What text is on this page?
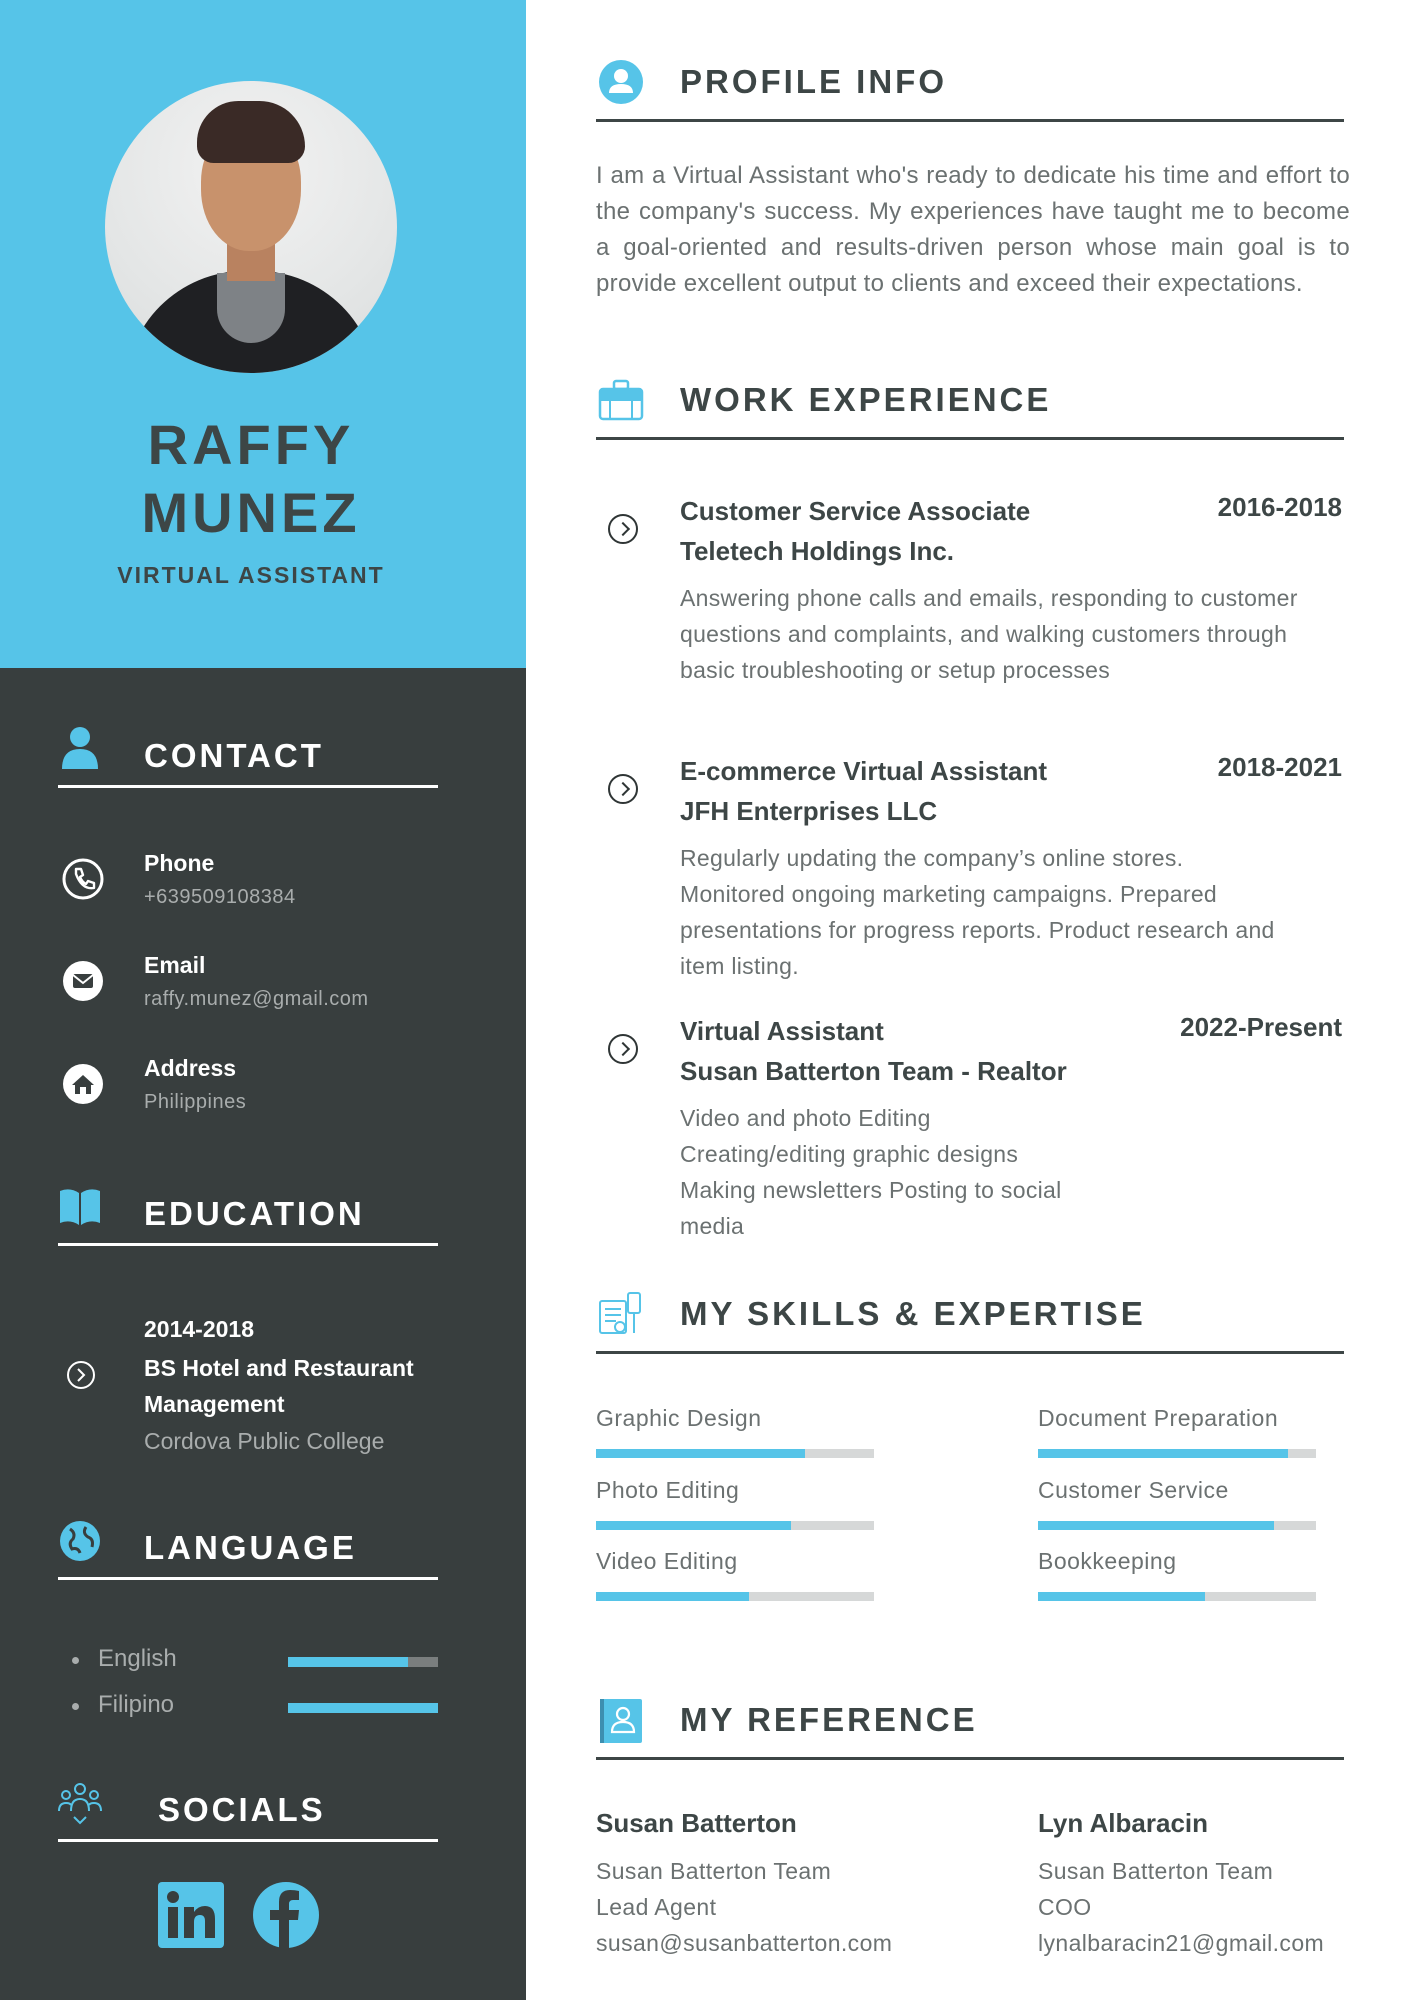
RAFFY
MUNEZ
VIRTUAL ASSISTANT
CONTACT
Phone
+639509108384
Email
raffy.munez@gmail.com
Address
Philippines
EDUCATION
2014-2018
BS Hotel and Restaurant Management
Cordova Public College
LANGUAGE
English
Filipino
SOCIALS
PROFILE INFO
I am a Virtual Assistant who's ready to dedicate his time and effort to the company's success. My experiences have taught me to become a goal-oriented and results-driven person whose main goal is to provide excellent output to clients and exceed their expectations.
WORK EXPERIENCE
Customer Service Associate
Teletech Holdings Inc.
2016-2018
Answering phone calls and emails, responding to customer questions and complaints, and walking customers through basic troubleshooting or setup processes
E-commerce Virtual Assistant
JFH Enterprises LLC
2018-2021
Regularly updating the company’s online stores. Monitored ongoing marketing campaigns. Prepared presentations for progress reports. Product research and item listing.
Virtual Assistant
Susan Batterton Team - Realtor
2022-Present
Video and photo Editing Creating/editing graphic designs Making newsletters Posting to social media
MY SKILLS & EXPERTISE
Graphic Design	Document Preparation
Photo Editing	Customer Service
Video Editing	Bookkeeping
MY REFERENCE
Susan Batterton
Susan Batterton Team
Lead Agent
susan@susanbatterton.com
Lyn Albaracin
Susan Batterton Team
COO
lynalbaracin21@gmail.com
